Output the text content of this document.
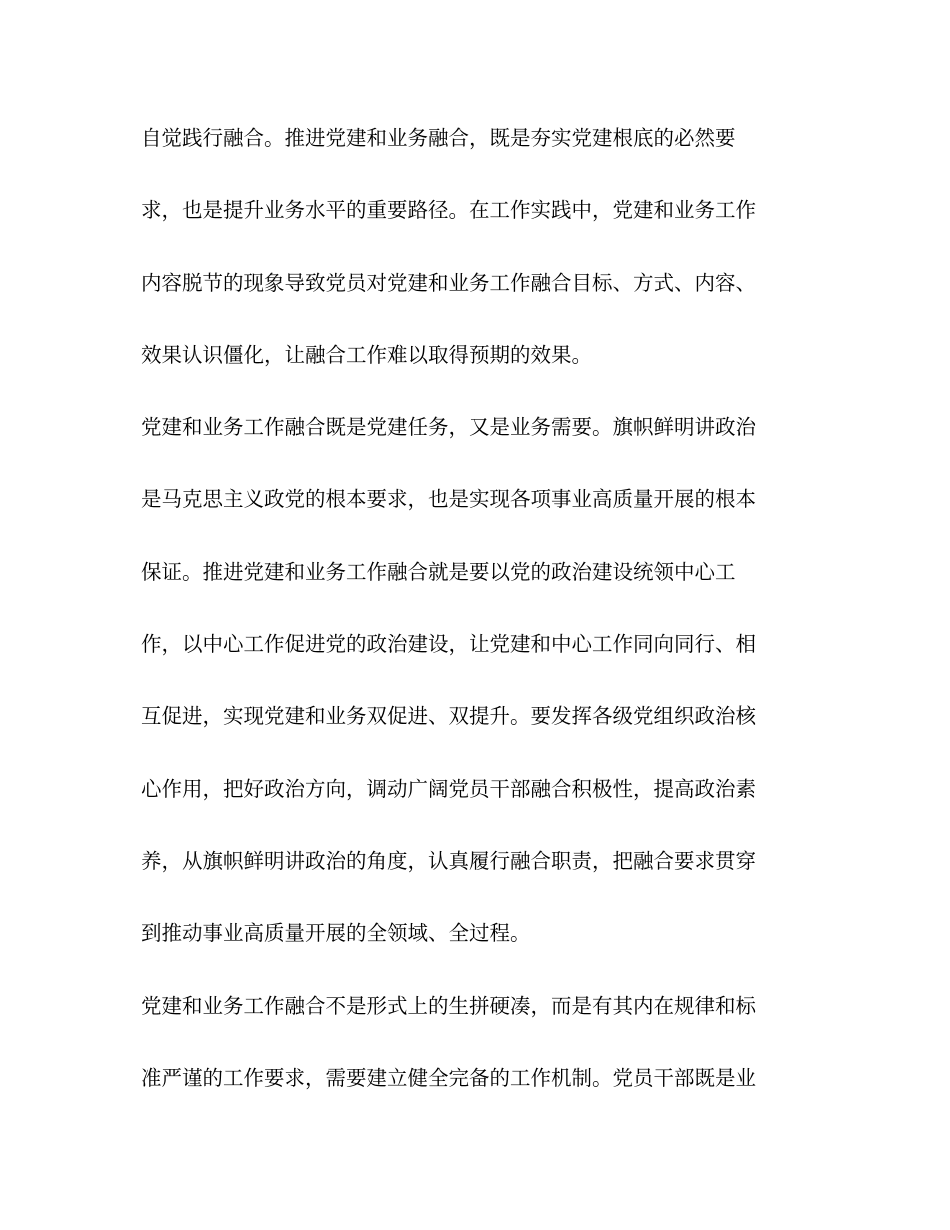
自觉践行融合。推进党建和业务融合，既是夯实党建根底的必然要
求，也是提升业务水平的重要路径。在工作实践中，党建和业务工作
内容脱节的现象导致党员对党建和业务工作融合目标、方式、内容、
效果认识僵化，让融合工作难以取得预期的效果。
党建和业务工作融合既是党建任务，又是业务需要。旗帜鲜明讲政治
是马克思主义政党的根本要求，也是实现各项事业高质量开展的根本
保证。推进党建和业务工作融合就是要以党的政治建设统领中心工
作，以中心工作促进党的政治建设，让党建和中心工作同向同行、相
互促进，实现党建和业务双促进、双提升。要发挥各级党组织政治核
心作用，把好政治方向，调动广阔党员干部融合积极性，提高政治素
养，从旗帜鲜明讲政治的角度，认真履行融合职责，把融合要求贯穿
到推动事业高质量开展的全领域、全过程。
党建和业务工作融合不是形式上的生拼硬凑，而是有其内在规律和标
准严谨的工作要求，需要建立健全完备的工作机制。党员干部既是业
